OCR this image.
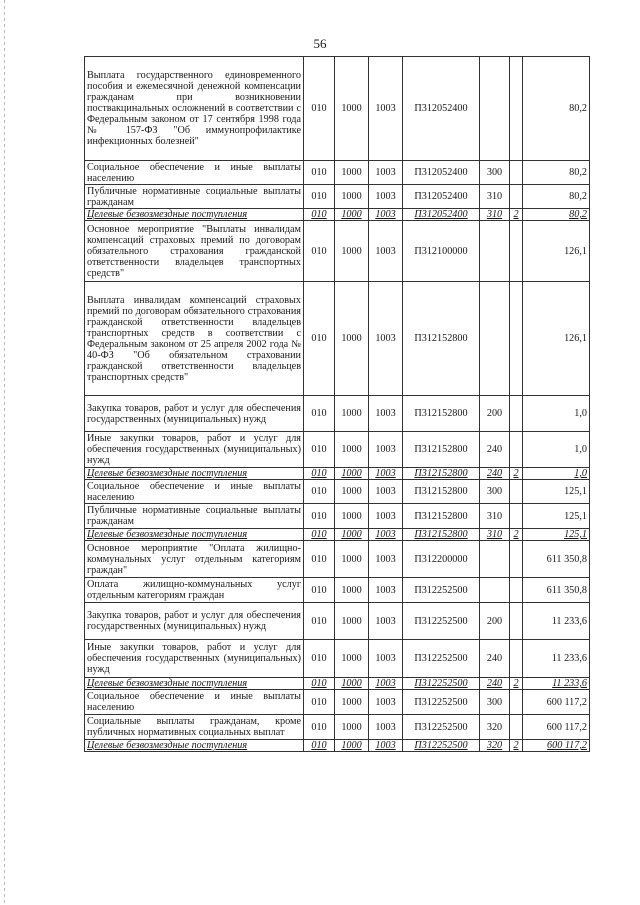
56
Выплата государственного единовременного пособия и ежемесячной денежной компенсации гражданам при возникновении поствакцинальных осложнений в соответствии с Федеральным законом от 17 сентября 1998 года № 157-ФЗ "Об иммунопрофилактике инфекционных болезней"	010	1000	1003	П312052400			80,2
Социальное обеспечение и иные выплаты населению	010	1000	1003	П312052400	300		80,2
Публичные нормативные социальные выплаты гражданам	010	1000	1003	П312052400	310		80,2
Целевые безвозмездные поступления	010	1000	1003	П312052400	310	2	80,2
Основное мероприятие "Выплаты инвалидам компенсаций страховых премий по договорам обязательного страхования гражданской ответственности владельцев транспортных средств"	010	1000	1003	П312100000			126,1
Выплата инвалидам компенсаций страховых премий по договорам обязательного страхования гражданской ответственности владельцев транспортных средств в соответствии с Федеральным законом от 25 апреля 2002 года № 40-ФЗ "Об обязательном страховании гражданской ответственности владельцев транспортных средств"	010	1000	1003	П312152800			126,1
Закупка товаров, работ и услуг для обеспечения государственных (муниципальных) нужд	010	1000	1003	П312152800	200		1,0
Иные закупки товаров, работ и услуг для обеспечения государственных (муниципальных) нужд	010	1000	1003	П312152800	240		1,0
Целевые безвозмездные поступления	010	1000	1003	П312152800	240	2	1,0
Социальное обеспечение и иные выплаты населению	010	1000	1003	П312152800	300		125,1
Публичные нормативные социальные выплаты гражданам	010	1000	1003	П312152800	310		125,1
Целевые безвозмездные поступления	010	1000	1003	П312152800	310	2	125,1
Основное мероприятие "Оплата жилищно-коммунальных услуг отдельным категориям граждан"	010	1000	1003	П312200000			611 350,8
Оплата жилищно-коммунальных услуг отдельным категориям граждан	010	1000	1003	П312252500			611 350,8
Закупка товаров, работ и услуг для обеспечения государственных (муниципальных) нужд	010	1000	1003	П312252500	200		11 233,6
Иные закупки товаров, работ и услуг для обеспечения государственных (муниципальных) нужд	010	1000	1003	П312252500	240		11 233,6
Целевые безвозмездные поступления	010	1000	1003	П312252500	240	2	11 233,6
Социальное обеспечение и иные выплаты населению	010	1000	1003	П312252500	300		600 117,2
Социальные выплаты гражданам, кроме публичных нормативных социальных выплат	010	1000	1003	П312252500	320		600 117,2
Целевые безвозмездные поступления	010	1000	1003	П312252500	320	2	600 117,2
